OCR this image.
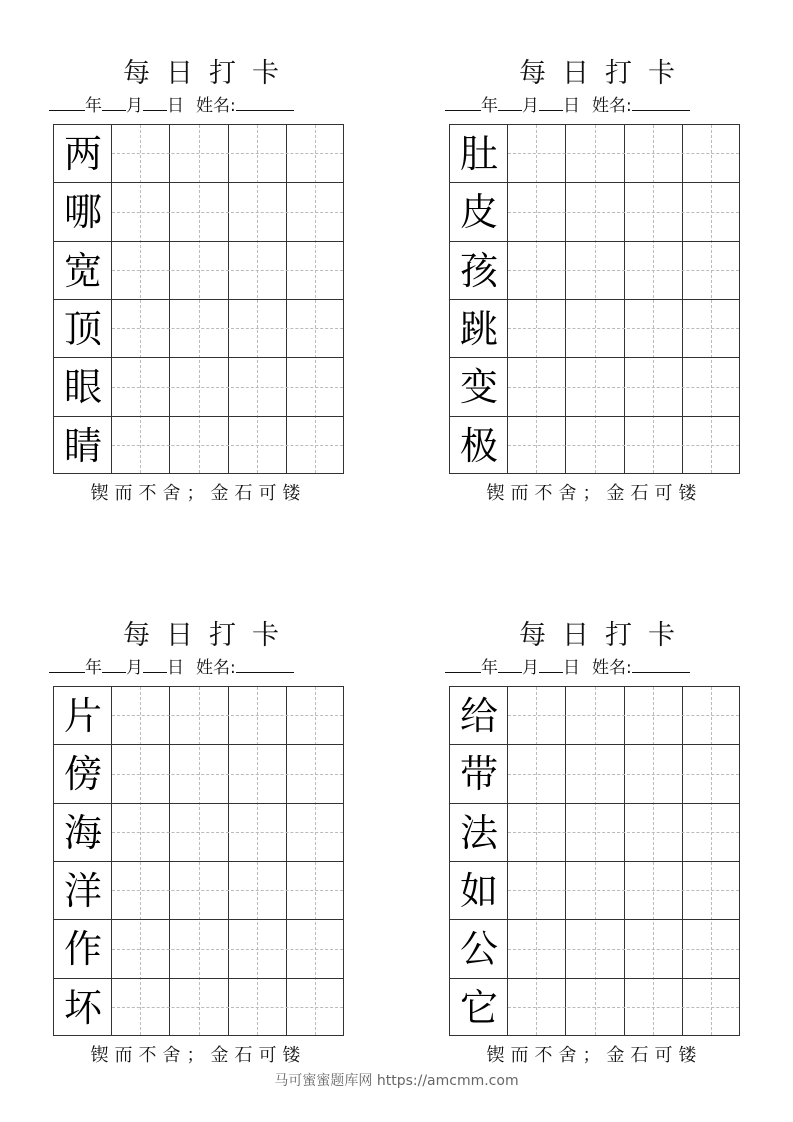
每日打卡
年 月 日 姓名:
两
哪
宽
顶
眼
睛
锲而不舍；金石可镂
每日打卡
年 月 日 姓名:
肚
皮
孩
跳
变
极
锲而不舍；金石可镂
每日打卡
年 月 日 姓名:
片
傍
海
洋
作
坏
锲而不舍；金石可镂
每日打卡
年 月 日 姓名:
给
带
法
如
公
它
锲而不舍；金石可镂
马可蜜蜜题库网 https://amcmm.com
